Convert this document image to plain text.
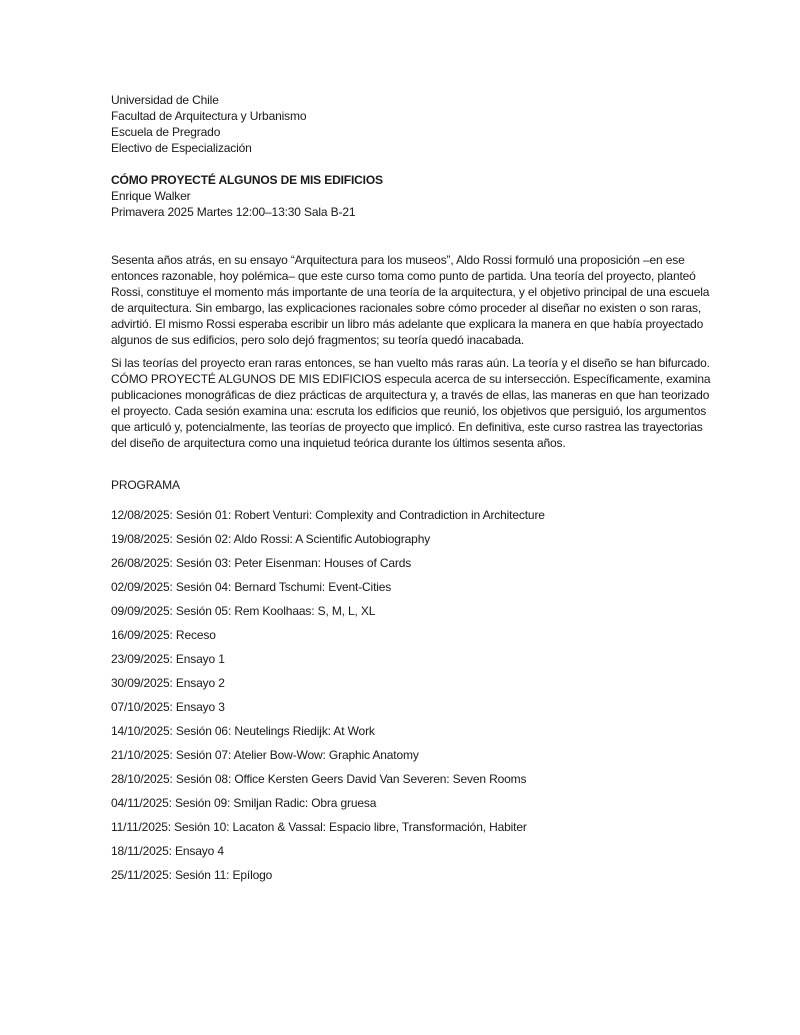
Universidad de Chile
Facultad de Arquitectura y Urbanismo
Escuela de Pregrado
Electivo de Especialización
CÓMO PROYECTÉ ALGUNOS DE MIS EDIFICIOS
Enrique Walker
Primavera 2025 Martes 12:00–13:30 Sala B-21

Sesenta años atrás, en su ensayo “Arquitectura para los museos”, Aldo Rossi formuló una proposición –en ese entonces razonable, hoy polémica– que este curso toma como punto de partida. Una teoría del proyecto, planteó Rossi, constituye el momento más importante de una teoría de la arquitectura, y el objetivo principal de una escuela de arquitectura. Sin embargo, las explicaciones racionales sobre cómo proceder al diseñar no existen o son raras, advirtió. El mismo Rossi esperaba escribir un libro más adelante que explicara la manera en que había proyectado algunos de sus edificios, pero solo dejó fragmentos; su teoría quedó inacabada.

Si las teorías del proyecto eran raras entonces, se han vuelto más raras aún. La teoría y el diseño se han bifurcado. CÓMO PROYECTÉ ALGUNOS DE MIS EDIFICIOS especula acerca de su intersección. Específicamente, examina publicaciones monográficas de diez prácticas de arquitectura y, a través de ellas, las maneras en que han teorizado el proyecto. Cada sesión examina una: escruta los edificios que reunió, los objetivos que persiguió, los argumentos que articuló y, potencialmente, las teorías de proyecto que implicó. En definitiva, este curso rastrea las trayectorias del diseño de arquitectura como una inquietud teórica durante los últimos sesenta años.

PROGRAMA
12/08/2025: Sesión 01: Robert Venturi: Complexity and Contradiction in Architecture
19/08/2025: Sesión 02: Aldo Rossi: A Scientific Autobiography
26/08/2025: Sesión 03: Peter Eisenman: Houses of Cards
02/09/2025: Sesión 04: Bernard Tschumi: Event-Cities
09/09/2025: Sesión 05: Rem Koolhaas: S, M, L, XL
16/09/2025: Receso
23/09/2025: Ensayo 1
30/09/2025: Ensayo 2
07/10/2025: Ensayo 3
14/10/2025: Sesión 06: Neutelings Riedijk: At Work
21/10/2025: Sesión 07: Atelier Bow-Wow: Graphic Anatomy
28/10/2025: Sesión 08: Office Kersten Geers David Van Severen: Seven Rooms
04/11/2025: Sesión 09: Smiljan Radic: Obra gruesa
11/11/2025: Sesión 10: Lacaton & Vassal: Espacio libre, Transformación, Habiter
18/11/2025: Ensayo 4
25/11/2025: Sesión 11: Epílogo
